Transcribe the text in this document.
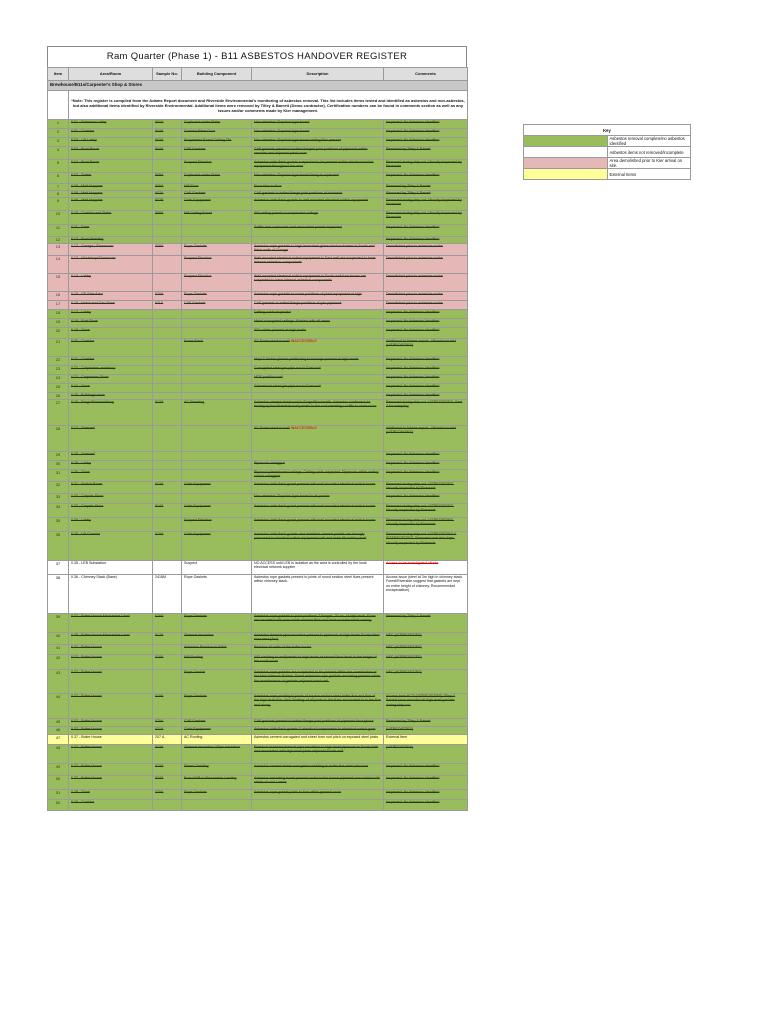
Ram Quarter (Phase 1) - B11 ASBESTOS HANDOVER REGISTER
Item	Area/Room	Sample No.	Building Component	Description	Comments
Brewhouse/B11s/Carpenter's Shop & Stores					
	*Note: This register is compiled from the Adams Report document and Riverside Environmental's monitoring of asbestos removal. This list includes items tested and identified as asbestos and non-asbestos, but also additional items identified by Riverside Environmental. Additional items were removed by Tilley & Barrett (Demo contractor). Certification numbers can be found in comments section as well as any issues and/or comments made by Kier management.				
1	0.01 - Entrance Lobby	001A	Cupboard under Stairs	Non asbestos 'Supalux' type board	Inspected. No Asbestos Identified
2	0.01 - Corridor	002A	Corridor Riser Door	Non asbestos 'Supalux' type board	Inspected. No Asbestos Identified
3	0.03 - Lift Lobby	003A	Suspended Board Ceiling Tile	Non asbestos 'Supalux' type board ceiling tiles present	Inspected. No Asbestos Identified
4	0.04 - Boot Room	004A	CAF Gaskets	CAF gaskets present to bolted flanged joint positions of pipework within services and adjacent plant room	Removed by Tilley & Barrett
5	0.04 - Boot Room		Suspect Electrics	Asbestos cloth flash guards suspected to be present within electrical switch equipment throughout the area	Removed during strip out. Visually inspected by Riverside
6	0.07 - Toilets	005A	Cupboard under Stairs	Non asbestos 'Supalux' type board lining to cupboard	Inspected. No Asbestos Identified
7	0.08 - Malt Hoppers	006A	Mill Floor	Floor tiles to floor	Removed by Tilley & Barrett
8	0.09 - Malt Hoppers	007A	CAF Gaskets	CAF gaskets to bolted flange joint positions of ductwork	Removed by Tilley & Barrett
9	0.09 - Malt Hoppers	007B	Cloth Equipment	Asbestos cloth flash guards to wall mounted electrical switch equipment	Removed during strip out. Visually inspected by Riverside
10	0.10 - Corridor and Stairs	008A	Mill Ceiling Board	AIB ceiling panels to suspended ceilings	Removed during strip out. Visually inspected by Riverside
11	0.11 - Toilet			Soffits and cupboards and associated panels inspected	Inspected. No Asbestos Identified
12	0.12 - Boot Washing				Inspected. No Asbestos Identified
13	0.13 - Garage / Showroom	009A	Rope Gaskets	Asbestos rope gaskets to high level steel glass window frames in South and West walls of Garage	Demolished prior to asbestos works
14	0.13 - Workshop/Showroom		Suspect Electrics	Wall mounted electrical switch equipment to East wall are suspected to have internal asbestos components	Demolished prior to asbestos works
15	0.14 - Lobby		Suspect Electrics	Wall mounted electrical switch equipment to South wall fuse boxes are suspected to have internal asbestos components	Demolished prior to asbestos works
16	0.15 - GF Side Area	010A	Rope Gaskets	Asbestos rope gaskets to some positions of plant equipment at high	Demolished prior to asbestos works
17	0.16 - Hatch and Gas Store	011A	CAF Gaskets	CAF gaskets to bolted flange positions of gas pipework	Demolished prior to asbestos works
18	0.17 - Lobby			Ceiling voids inspected	Inspected. No Asbestos Identified
19	0.18 - Fuel Store			Metal corrugated ceilings. Mortars with all areas	Inspected. No Asbestos Identified
20	0.19 - Store			AIB cables present at high levels	Inspected. No Asbestos Identified
21	0.20 - Corridor		Fume Stack	AC Fume stack to wall INACCESSIBLE	Additional to Adams report - Bituminous test (VITREOSITIES)
22	0.21 - Corridor			Vinyl & timber glazed partitioning to boxings present at high levels	Inspected. No Asbestos Identified
23	0.22 - Carpenters workshop			Corrugated steel gas pipe run to East wall	Inspected. No Asbestos Identified
24	0.23 - Carpenters Store			MDF partition wall	Inspected. No Asbestos Identified
25	0.24 - Store			Galvanised steel gas pipe run to East wall	Inspected. No Asbestos Identified
26	0.25 - Buildings store				Inspected. No Asbestos Identified
27	0.26 - Forge/Blacksmithing	012A	AC Sheeting	Asbestos cement sheet roof to Forge/Blacksmith. Asbestos confirmed via testing by the Riverside wall panels to the roof sheeting / soffits to store room	Removed during strip out. VITREOSITIES. Sent 7 for sampling
28	0.27 - Stairwell			AC Fume stack to wall INACCESSIBLE	Additional to Adams report - Bituminous test (VITREOSITIES)
29	0.28 - Stairwell				Inspected. No Asbestos Identified
30	0.29 - Lobby			Pipework untagged	Inspected. No Asbestos Identified
31	0.30 - Store			Plywood plasterboard ceilings. Ceiling voids inspected. Pipework within ceiling void is untagged	Inspected. No Asbestos Identified
32	0.31 - Switch Room	013A	Cloth Equipment	Asbestos cloth flash guard present with wall mounted electrical switch boxes	Removed during strip out. VITREOSITIES. Visually inspected by Riverside
33	0.32 - Carpets Store			Non asbestos 'Supalux' type board to all panels	Inspected. No Asbestos Identified
34	0.33 - Carpets Store	014A	Cloth Equipment	Asbestos cloth flash guard present with wall mounted electrical switch boxes	Removed during strip out. VITREOSITIES. Visually inspected by Riverside
35	0.34 - Lobby		Suspect Electrics	Asbestos cloth flash guard present with wall mounted electrical switch boxes	Removed during strip out. VITREOSITIES. Visually inspected by Riverside
36	0.35 - Lift Corridor	015A	Cloth Equipment	Asbestos cloth flash guards and asbestos cement panels are strongly presumed to electrical switch equipment wall and main lift switch panel	Removed during strip out. VITREOSITIES & SITEREOSITIES. Removed over two days. Visually inspected by Riverside
37	0.35 - LEB Substation		Suspect	NO ACCESS until LEB is isolation as the area is controlled by the local electrical network supplier	Access to be investigated off site
38	0.36 - Chimney Stack (Base)	2418M	Rope Gaskets	Asbestos rope gaskets present to joints of round section steel flues present within chimney stack.	Access issue (steel at 3m high in chimney stack. Forest/Riverside suggest that gaskets are kept on entire height of chimney. Recommended encapsulation).
39	0.37 - Boiler House Mezzanine Level	016A	Rope Gaskets	Asbestos rope gaskets to joint positions 2 flanges. 20 no. of high level. Flues are insulated with man made mineral fibre and have no tube metal casing.	Removed by Tilley & Barrett
40	0.38 - Boiler House Mezzanine Level	017A	Thermal Insulation	Asbestos thermal pipe insulation present to pipework at high levels South West riser area (3x1)	HSC (VITREOSITIES)
41	0.37 - Boiler House		Asbestos Residue to Walls	Residue all walls of the boiler house	HSC (VITREOSITIES)
42	0.37 - Boiler House	018A	Mill Roofing	AIB cladding to wall/panels to high levels at second floor level to the height of the south room	HSC (VITREOSITIES)
43	0.37 - Boiler House		Rope Gasket	Asbestos rope gaskets are suspected to be present within the construction of the Mez Vitreous Boilers. Some asbestos rope gaskets are being present within the maintenance of gaskets adjacent west wall.	HSC (VITREOSITIES)
44	0.37 - Boiler House	019A	Rope Gaskets	Asbestos rope packing to joints of square section steel boiler flue and flue of the high level flue. Also 'Scaling' of all joints to the flues are located in to the flue and along.	Access from HCS (VITREOSITIES) Tilley & Barrett have removed all high level gaskets during strip out.
45	0.37 - Boiler House	020A	CAF Gaskets	CAF gaskets present to bolted flange joint positions of pipework throughout	Removed by Tilley & Barrett
46	0.37 - Boiler House	021A	Cloth Equipment	Asbestos cloth flash guards & electrical components to electrical switch gear	(VITREOSITIES)
47	0.37 - Boiler House	207.A	AC Roofing	Asbestos cement corrugated roof sheet form roof pitch on exposed steel joists	External Item
48	0.37 - Boiler House	022A	Thermal Insulation / Pipe Insulation	Residual asbestos thermal pipe insulation to high level pipework to South Wall and associated with high level joints adjacent South wall	(VITREOSITIES)
49	0.37 - Boiler House	023A	Sheet Cladding	Asbestos cement sheet corrugated cladding to boiler flue steel structure	Inspected. No Asbestos Identified
50	0.37 - Boiler House	024A	Board/AIB to Mezzanine Landing	Asbestos insulating board present under boiler house pipework associated with steels of roof / areas	Inspected. No Asbestos Identified
51	0.38 - Store	025A	Rope Gaskets	Asbestos rope gasket joints to flue within general room	Inspected. No Asbestos Identified
52	0.39 - Corridor				Inspected. No Asbestos Identified
Key	
	Asbestos removal complete/no asbestos identified
	Asbestos items not removed/incomplete
	Area demolished prior to Kier arrival on site.
	External Items
